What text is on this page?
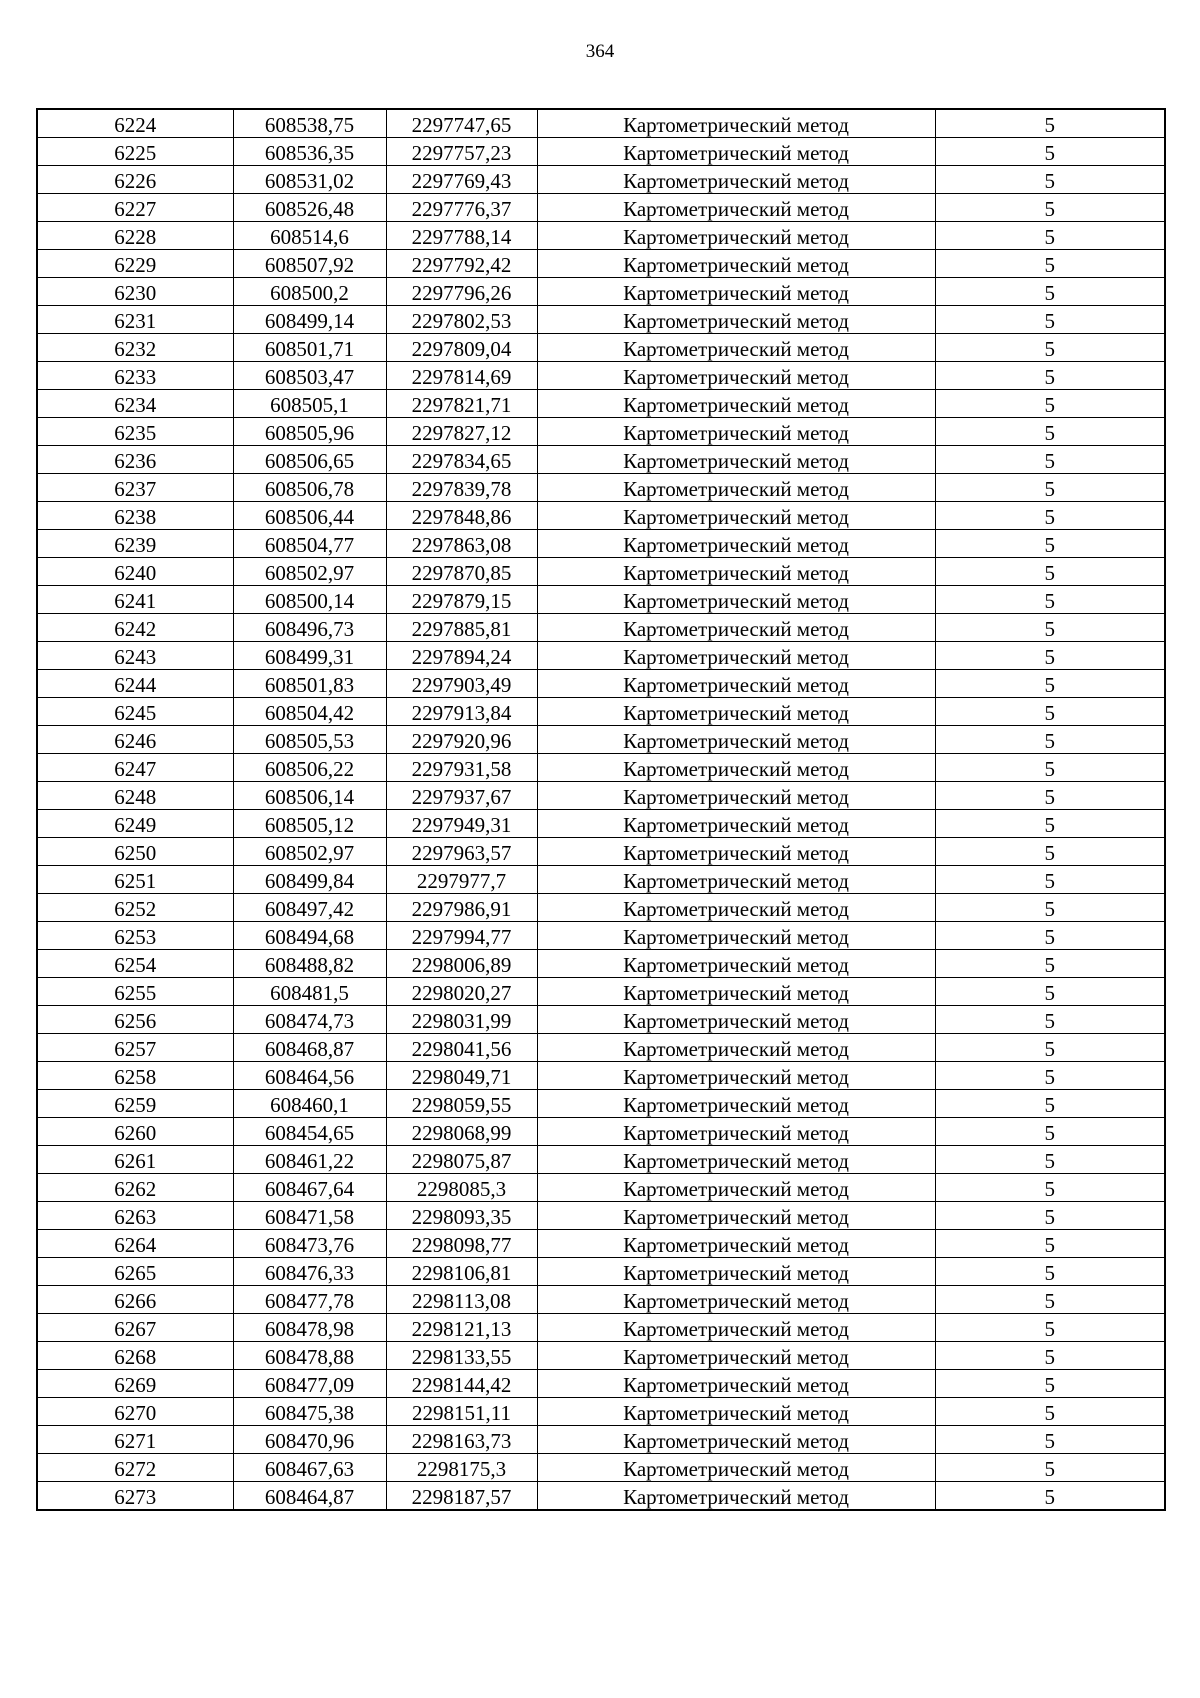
364
6224	608538,75	2297747,65	Картометрический метод	5
6225	608536,35	2297757,23	Картометрический метод	5
6226	608531,02	2297769,43	Картометрический метод	5
6227	608526,48	2297776,37	Картометрический метод	5
6228	608514,6	2297788,14	Картометрический метод	5
6229	608507,92	2297792,42	Картометрический метод	5
6230	608500,2	2297796,26	Картометрический метод	5
6231	608499,14	2297802,53	Картометрический метод	5
6232	608501,71	2297809,04	Картометрический метод	5
6233	608503,47	2297814,69	Картометрический метод	5
6234	608505,1	2297821,71	Картометрический метод	5
6235	608505,96	2297827,12	Картометрический метод	5
6236	608506,65	2297834,65	Картометрический метод	5
6237	608506,78	2297839,78	Картометрический метод	5
6238	608506,44	2297848,86	Картометрический метод	5
6239	608504,77	2297863,08	Картометрический метод	5
6240	608502,97	2297870,85	Картометрический метод	5
6241	608500,14	2297879,15	Картометрический метод	5
6242	608496,73	2297885,81	Картометрический метод	5
6243	608499,31	2297894,24	Картометрический метод	5
6244	608501,83	2297903,49	Картометрический метод	5
6245	608504,42	2297913,84	Картометрический метод	5
6246	608505,53	2297920,96	Картометрический метод	5
6247	608506,22	2297931,58	Картометрический метод	5
6248	608506,14	2297937,67	Картометрический метод	5
6249	608505,12	2297949,31	Картометрический метод	5
6250	608502,97	2297963,57	Картометрический метод	5
6251	608499,84	2297977,7	Картометрический метод	5
6252	608497,42	2297986,91	Картометрический метод	5
6253	608494,68	2297994,77	Картометрический метод	5
6254	608488,82	2298006,89	Картометрический метод	5
6255	608481,5	2298020,27	Картометрический метод	5
6256	608474,73	2298031,99	Картометрический метод	5
6257	608468,87	2298041,56	Картометрический метод	5
6258	608464,56	2298049,71	Картометрический метод	5
6259	608460,1	2298059,55	Картометрический метод	5
6260	608454,65	2298068,99	Картометрический метод	5
6261	608461,22	2298075,87	Картометрический метод	5
6262	608467,64	2298085,3	Картометрический метод	5
6263	608471,58	2298093,35	Картометрический метод	5
6264	608473,76	2298098,77	Картометрический метод	5
6265	608476,33	2298106,81	Картометрический метод	5
6266	608477,78	2298113,08	Картометрический метод	5
6267	608478,98	2298121,13	Картометрический метод	5
6268	608478,88	2298133,55	Картометрический метод	5
6269	608477,09	2298144,42	Картометрический метод	5
6270	608475,38	2298151,11	Картометрический метод	5
6271	608470,96	2298163,73	Картометрический метод	5
6272	608467,63	2298175,3	Картометрический метод	5
6273	608464,87	2298187,57	Картометрический метод	5
